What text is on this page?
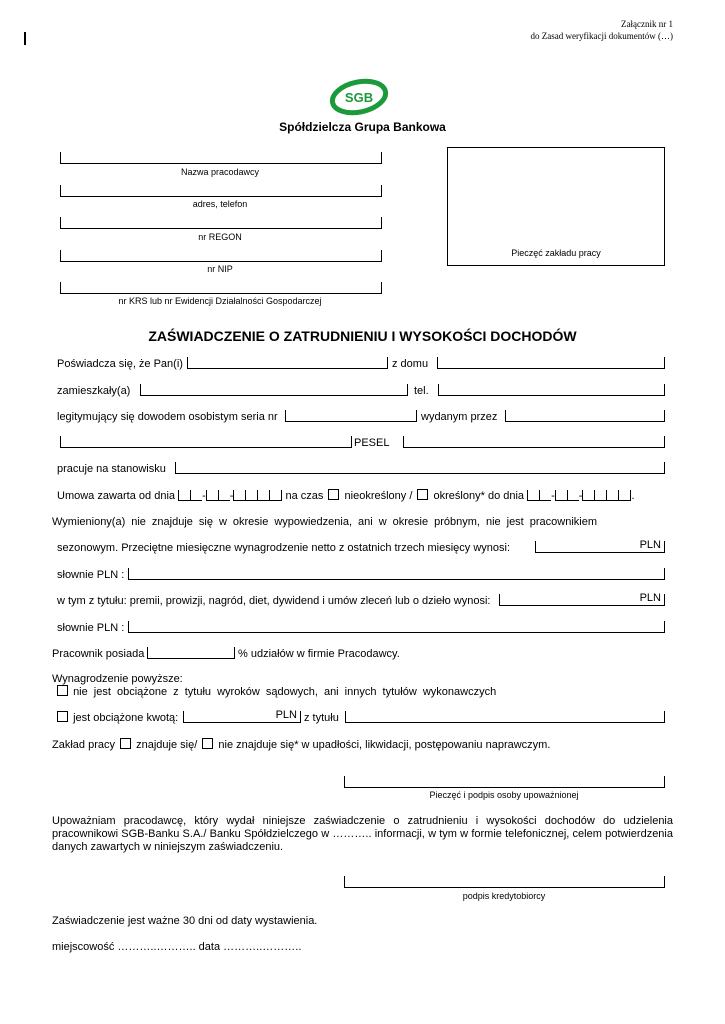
Załącznik nr 1
do Zasad weryfikacji dokumentów (…)
SGB
Spółdzielcza Grupa Bankowa
Nazwa pracodawcy
adres, telefon
nr REGON
nr NIP
nr KRS lub nr Ewidencji Działalności Gospodarczej
Pieczęć zakładu pracy
ZAŚWIADCZENIE O ZATRUDNIENIU I WYSOKOŚCI DOCHODÓW
Poświadcza się, że Pan(i)	z domu
zamieszkały(a)	tel.
legitymujący się dowodem osobistym seria nr	wydanym przez
PESEL
pracuje na stanowisku
Umowa zawarta od dnia - -	na czas nieokreślony / określony* do dnia - -	.
Wymieniony(a) nie znajduje się w okresie wypowiedzenia, ani w okresie próbnym, nie jest pracownikiem
sezonowym. Przeciętne miesięczne wynagrodzenie netto z ostatnich trzech miesięcy wynosi:	PLN
słownie PLN :
w tym z tytułu: premii, prowizji, nagród, diet, dywidend i umów zleceń lub o dzieło wynosi:	PLN
słownie PLN :
Pracownik posiada	% udziałów w firmie Pracodawcy.
Wynagrodzenie powyższe:
nie jest obciążone z tytułu wyroków sądowych, ani innych tytułów wykonawczych
jest obciążone kwotą:	PLN z tytułu
Zakład pracy znajduje się/ nie znajduje się* w upadłości, likwidacji, postępowaniu naprawczym.
Pieczęć i podpis osoby upoważnionej
Upoważniam pracodawcę, który wydał niniejsze zaświadczenie o zatrudnieniu i wysokości dochodów do udzielenia pracownikowi SGB-Banku S.A./ Banku Spółdzielczego w ……….. informacji, w tym w formie telefonicznej, celem potwierdzenia danych zawartych w niniejszym zaświadczeniu.
podpis kredytobiorcy
Zaświadczenie jest ważne 30 dni od daty wystawienia.
miejscowość ………..……….. data ………..………..
